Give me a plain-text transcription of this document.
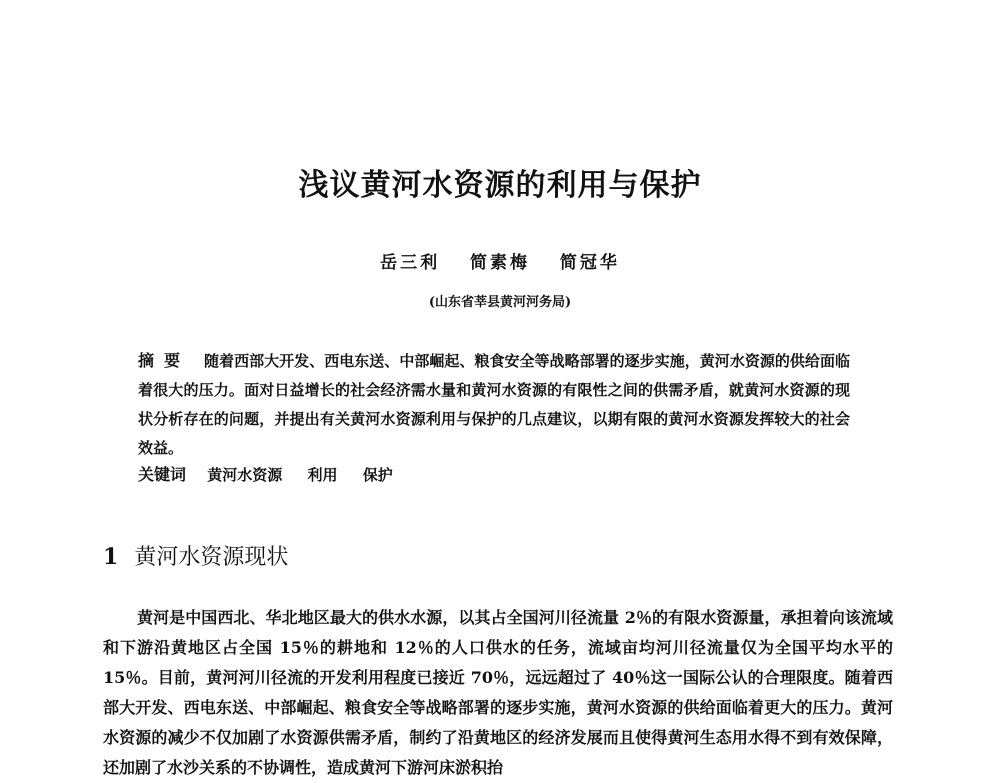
浅议黄河水资源的利用与保护
岳三利 简素梅 简冠华
(山东省莘县黄河河务局)
摘要 随着西部大开发、西电东送、中部崛起、粮食安全等战略部署的逐步实施，黄河水资源的供给面临着很大的压力。面对日益增长的社会经济需水量和黄河水资源的有限性之间的供需矛盾，就黄河水资源的现状分析存在的问题，并提出有关黄河水资源利用与保护的几点建议，以期有限的黄河水资源发挥较大的社会效益。
关键词 黄河水资源 利用 保护
1 黄河水资源现状
黄河是中国西北、华北地区最大的供水水源，以其占全国河川径流量 2％的有限水资源量，承担着向该流域和下游沿黄地区占全国 15％的耕地和 12％的人口供水的任务，流域亩均河川径流量仅为全国平均水平的 15％。目前，黄河河川径流的开发利用程度已接近 70％，远远超过了 40％这一国际公认的合理限度。随着西部大开发、西电东送、中部崛起、粮食安全等战略部署的逐步实施，黄河水资源的供给面临着更大的压力。黄河水资源的减少不仅加剧了水资源供需矛盾，制约了沿黄地区的经济发展而且使得黄河生态用水得不到有效保障，还加剧了水沙关系的不协调性，造成黄河下游河床淤积抬
